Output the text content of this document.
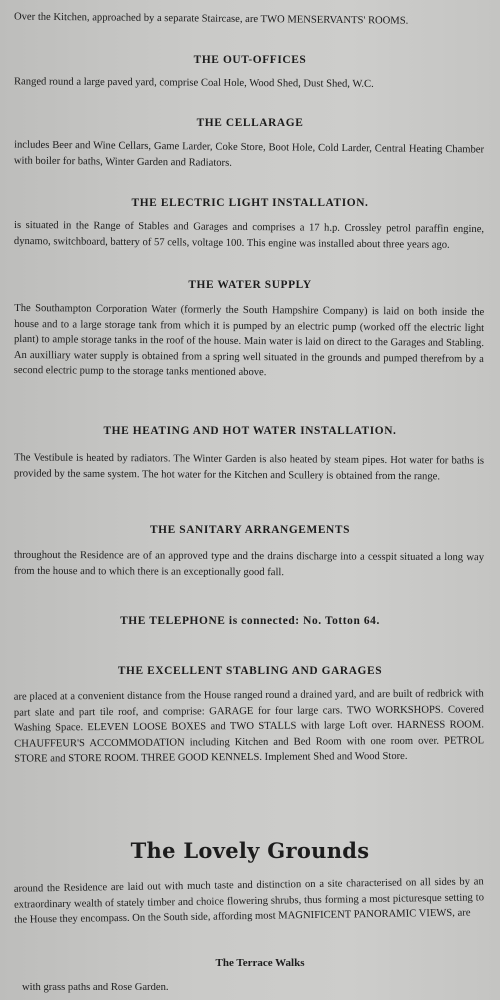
Over the Kitchen, approached by a separate Staircase, are TWO MENSERVANTS' ROOMS.
THE OUT-OFFICES
Ranged round a large paved yard, comprise Coal Hole, Wood Shed, Dust Shed, W.C.
THE CELLARAGE
includes Beer and Wine Cellars, Game Larder, Coke Store, Boot Hole, Cold Larder, Central Heating Chamber with boiler for baths, Winter Garden and Radiators.
THE ELECTRIC LIGHT INSTALLATION.
is situated in the Range of Stables and Garages and comprises a 17 h.p. Crossley petrol paraffin engine, dynamo, switchboard, battery of 57 cells, voltage 100. This engine was installed about three years ago.
THE WATER SUPPLY
The Southampton Corporation Water (formerly the South Hampshire Company) is laid on both inside the house and to a large storage tank from which it is pumped by an electric pump (worked off the electric light plant) to ample storage tanks in the roof of the house. Main water is laid on direct to the Garages and Stabling. An auxilliary water supply is obtained from a spring well situated in the grounds and pumped therefrom by a second electric pump to the storage tanks mentioned above.
THE HEATING AND HOT WATER INSTALLATION.
The Vestibule is heated by radiators. The Winter Garden is also heated by steam pipes. Hot water for baths is provided by the same system. The hot water for the Kitchen and Scullery is obtained from the range.
THE SANITARY ARRANGEMENTS
throughout the Residence are of an approved type and the drains discharge into a cesspit situated a long way from the house and to which there is an exceptionally good fall.
THE TELEPHONE is connected: No. Totton 64.
THE EXCELLENT STABLING AND GARAGES
are placed at a convenient distance from the House ranged round a drained yard, and are built of redbrick with part slate and part tile roof, and comprise: GARAGE for four large cars. TWO WORKSHOPS. Covered Washing Space. ELEVEN LOOSE BOXES and TWO STALLS with large Loft over. HARNESS ROOM. CHAUFFEUR'S ACCOMMODATION including Kitchen and Bed Room with one room over. PETROL STORE and STORE ROOM. THREE GOOD KENNELS. Implement Shed and Wood Store.
The Lovely Grounds
around the Residence are laid out with much taste and distinction on a site characterised on all sides by an extraordinary wealth of stately timber and choice flowering shrubs, thus forming a most picturesque setting to the House they encompass. On the South side, affording most MAGNIFICENT PANORAMIC VIEWS, are
The Terrace Walks
with grass paths and Rose Garden.
